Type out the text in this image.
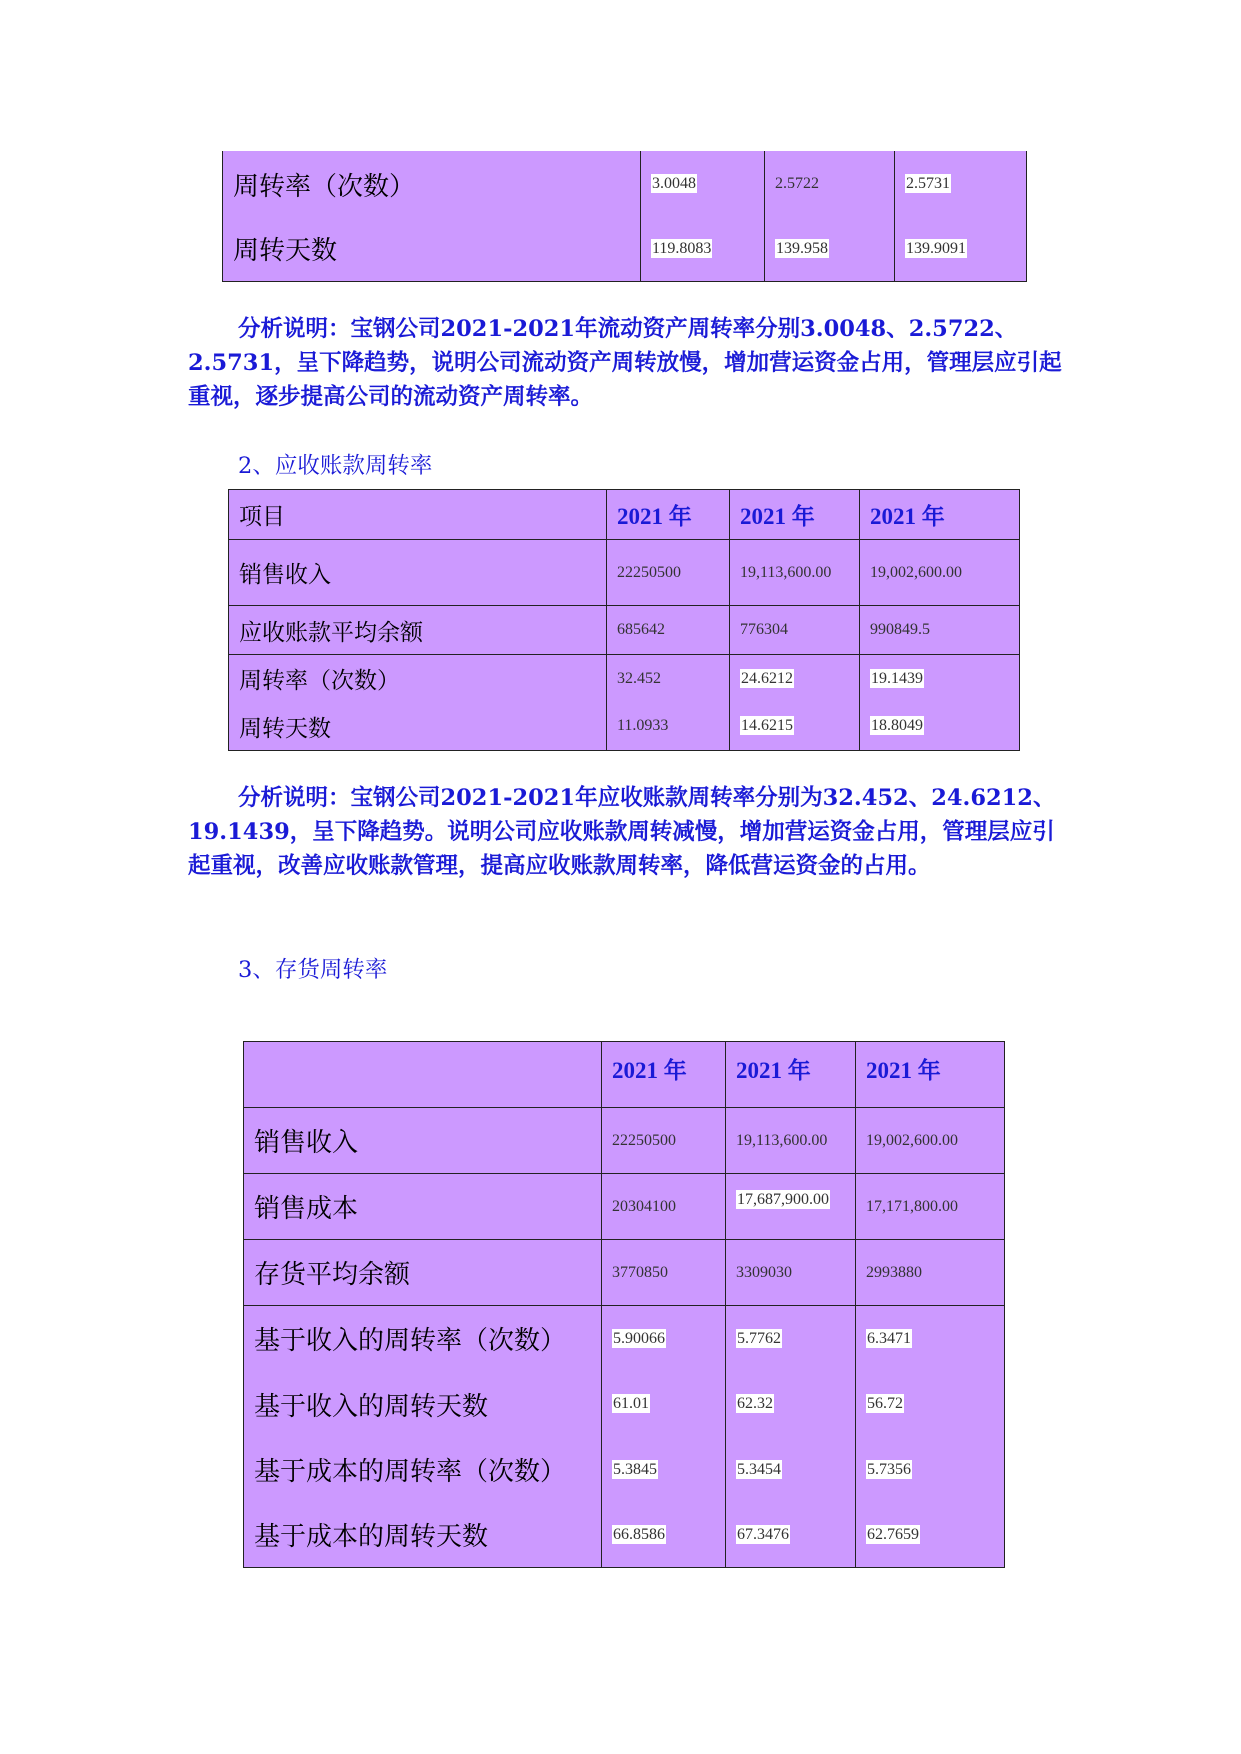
周转率（次数）	3.0048	2.5722	2.5731
周转天数	119.8083	139.958	139.9091

分析说明：宝钢公司2021-2021年流动资产周转率分别3.0048、2.5722、2.5731，呈下降趋势，说明公司流动资产周转放慢，增加营运资金占用，管理层应引起重视，逐步提高公司的流动资产周转率。

2、应收账款周转率

项目	2021 年	2021 年	2021 年
销售收入	22250500	19,113,600.00	19,002,600.00
应收账款平均余额	685642	776304	990849.5
周转率（次数）	32.452	24.6212	19.1439
周转天数	11.0933	14.6215	18.8049

分析说明：宝钢公司2021-2021年应收账款周转率分别为32.452、24.6212、19.1439，呈下降趋势。说明公司应收账款周转减慢，增加营运资金占用，管理层应引起重视，改善应收账款管理，提高应收账款周转率，降低营运资金的占用。

3、存货周转率

	2021 年	2021 年	2021 年
销售收入	22250500	19,113,600.00	19,002,600.00
销售成本	20304100	17,687,900.00	17,171,800.00
存货平均余额	3770850	3309030	2993880
基于收入的周转率（次数）	5.90066	5.7762	6.3471
基于收入的周转天数	61.01	62.32	56.72
基于成本的周转率（次数）	5.3845	5.3454	5.7356
基于成本的周转天数	66.8586	67.3476	62.7659
